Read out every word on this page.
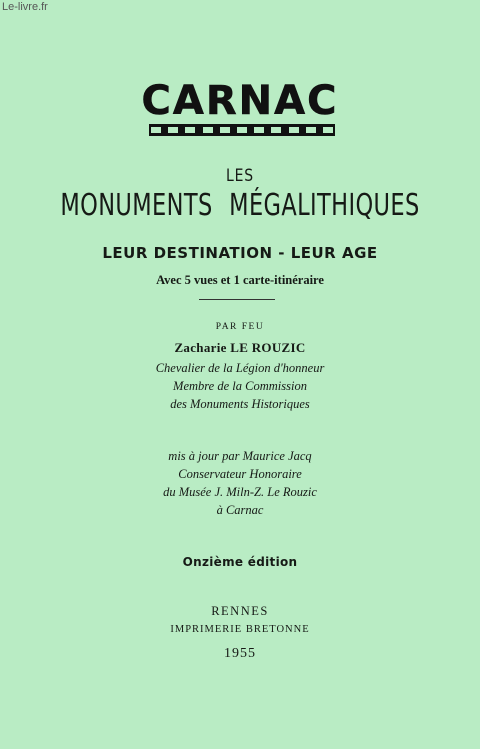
Le-livre.fr
CARNAC
LES
MONUMENTS MÉGALITHIQUES
LEUR DESTINATION - LEUR AGE
Avec 5 vues et 1 carte-itinéraire
PAR FEU
Zacharie LE ROUZIC
Chevalier de la Légion d'honneur
Membre de la Commission
des Monuments Historiques
mis à jour par Maurice Jacq
Conservateur Honoraire
du Musée J. Miln-Z. Le Rouzic
à Carnac
Onzième édition
RENNES
IMPRIMERIE BRETONNE
1955
